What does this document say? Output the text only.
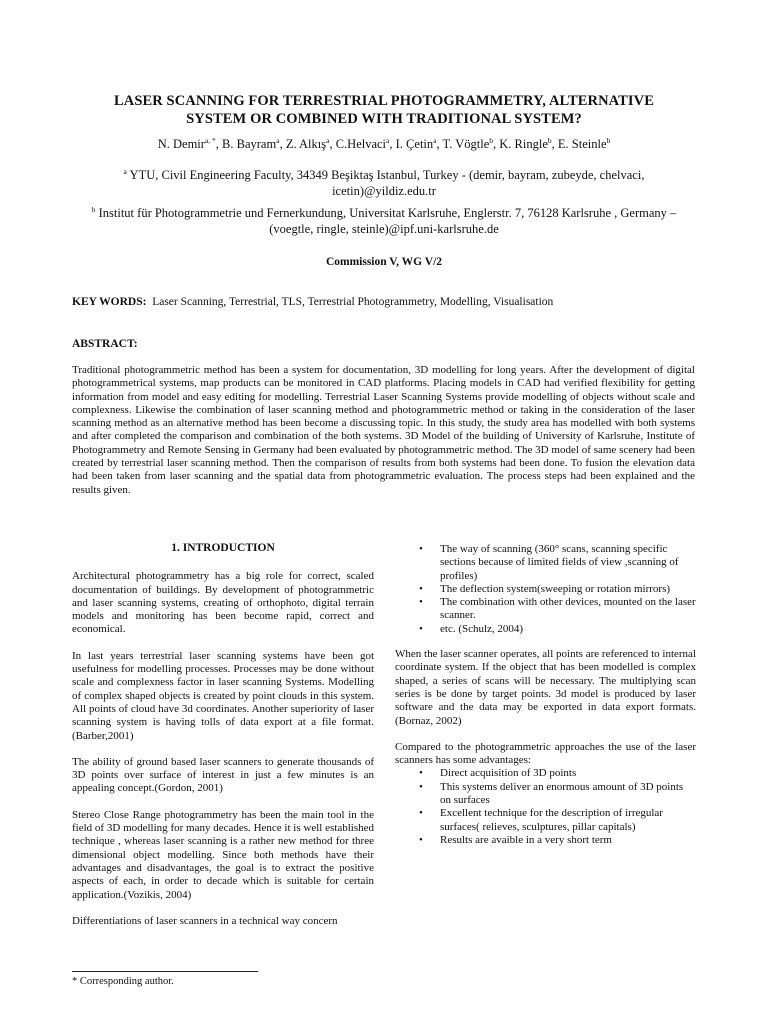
LASER SCANNING FOR TERRESTRIAL PHOTOGRAMMETRY, ALTERNATIVE
SYSTEM OR COMBINED WITH TRADITIONAL SYSTEM?
N. Demir$^{a, *}$, B. Bayram$^a$, Z. Alkış$^a$, C.Helvaci$^a$, I. Çetin$^a$, T. Vögtle$^b$, K. Ringle$^b$, E. Steinle$^b$
$^a$ YTU, Civil Engineering Faculty, 34349 Beşiktaş Istanbul, Turkey - (demir, bayram, zubeyde, chelvaci, icetin)@yildiz.edu.tr
$^b$ Institut für Photogrammetrie und Fernerkundung, Universitat Karlsruhe, Englerstr. 7, 76128 Karlsruhe , Germany – (voegtle, ringle, steinle)@ipf.uni-karlsruhe.de
Commission V, WG V/2
KEY WORDS: Laser Scanning, Terrestrial, TLS, Terrestrial Photogrammetry, Modelling, Visualisation
ABSTRACT:
Traditional photogrammetric method has been a system for documentation, 3D modelling for long years. After the development of digital photogrammetrical systems, map products can be monitored in CAD platforms. Placing models in CAD had verified flexibility for getting information from model and easy editing for modelling. Terrestrial Laser Scanning Systems provide modelling of objects without scale and complexness. Likewise the combination of laser scanning method and photogrammetric method or taking in the consideration of the laser scanning method as an alternative method has been become a discussing topic. In this study, the study area has modelled with both systems and after completed the comparison and combination of the both systems. 3D Model of the building of University of Karlsruhe, Institute of Photogrammetry and Remote Sensing in Germany had been evaluated by photogrammetric method. The 3D model of same scenery had been created by terrestrial laser scanning method. Then the comparison of results from both systems had been done. To fusion the elevation data had been taken from laser scanning and the spatial data from photogrammetric evaluation. The process steps had been explained and the results given.
1. INTRODUCTION

Architectural photogrammetry has a big role for correct, scaled documentation of buildings. By development of photogrammetric and laser scanning systems, creating of orthophoto, digital terrain models and monitoring has been become rapid, correct and economical.

In last years terrestrial laser scanning systems have been got usefulness for modelling processes. Processes may be done without scale and complexness factor in laser scanning Systems. Modelling of complex shaped objects is created by point clouds in this system. All points of cloud have 3d coordinates. Another superiority of laser scanning system is having tolls of data export at a file format. (Barber,2001)

The ability of ground based laser scanners to generate thousands of 3D points over surface of interest in just a few minutes is an appealing concept.(Gordon, 2001)

Stereo Close Range photogrammetry has been the main tool in the field of 3D modelling for many decades. Hence it is well established technique , whereas laser scanning is a rather new method for three dimensional object modelling. Since both methods have their advantages and disadvantages, the goal is to extract the positive aspects of each, in order to decade which is suitable for certain application.(Vozikis, 2004)

Differentiations of laser scanners in a technical way concern

• The way of scanning (360° scans, scanning specific sections because of limited fields of view ,scanning of profiles)
• The deflection system(sweeping or rotation mirrors)
• The combination with other devices, mounted on the laser scanner.
• etc. (Schulz, 2004)

When the laser scanner operates, all points are referenced to internal coordinate system. If the object that has been modelled is complex shaped, a series of scans will be necessary. The multiplying scan series is be done by target points. 3d model is produced by laser software and the data may be exported in data export formats.(Bornaz, 2002)

Compared to the photogrammetric approaches the use of the laser scanners has some advantages:

• Direct acquisition of 3D points
• This systems deliver an enormous amount of 3D points on surfaces
• Excellent technique for the description of irregular surfaces( relieves, sculptures, pillar capitals)
• Results are avaible in a very short term
* Corresponding author.
